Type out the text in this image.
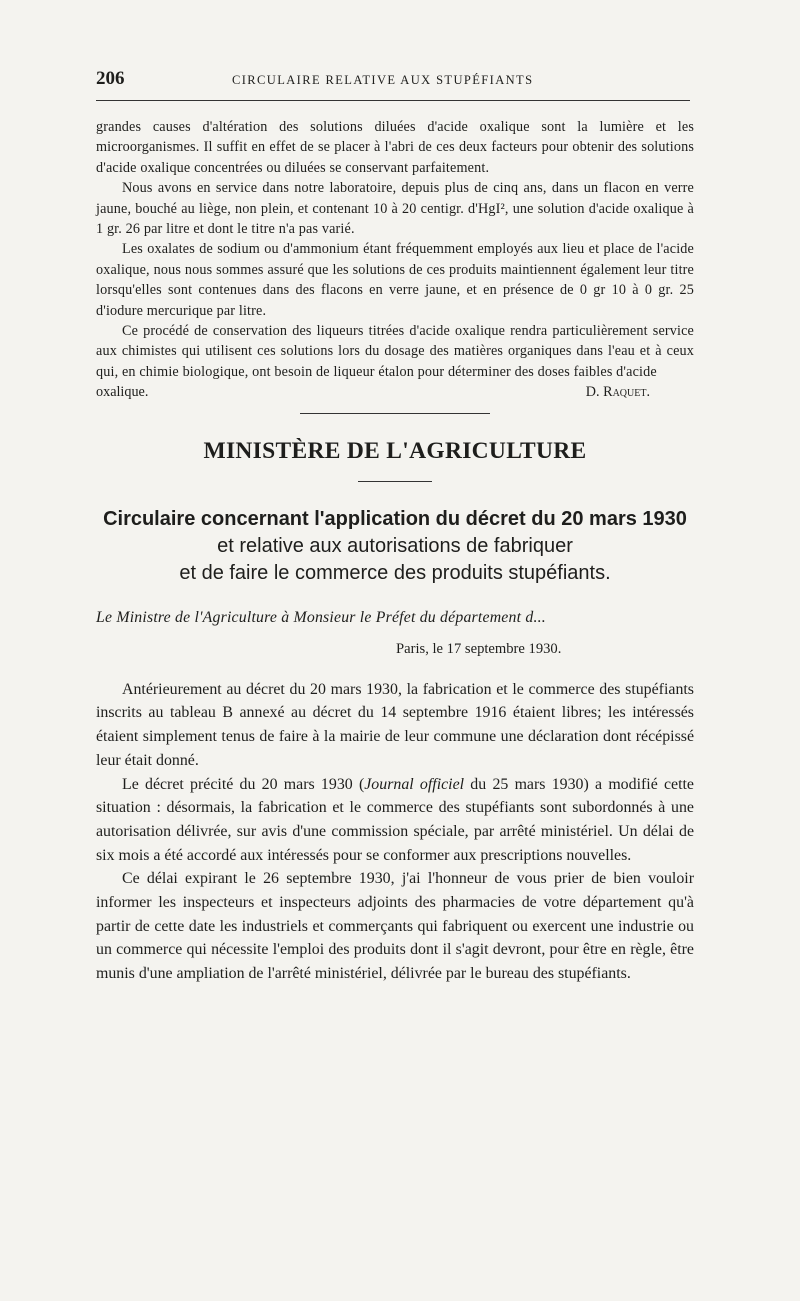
206	CIRCULAIRE RELATIVE AUX STUPÉFIANTS

grandes causes d'altération des solutions diluées d'acide oxalique sont la lumière et les microorganismes. Il suffit en effet de se placer à l'abri de ces deux facteurs pour obtenir des solutions d'acide oxalique concentrées ou diluées se conservant parfaitement.

Nous avons en service dans notre laboratoire, depuis plus de cinq ans, dans un flacon en verre jaune, bouché au liège, non plein, et contenant 10 à 20 centigr. d'HgI², une solution d'acide oxalique à 1 gr. 26 par litre et dont le titre n'a pas varié.

Les oxalates de sodium ou d'ammonium étant fréquemment employés aux lieu et place de l'acide oxalique, nous nous sommes assuré que les solutions de ces produits maintiennent également leur titre lorsqu'elles sont contenues dans des flacons en verre jaune, et en présence de 0 gr 10 à 0 gr. 25 d'iodure mercurique par litre.

Ce procédé de conservation des liqueurs titrées d'acide oxalique rendra particulièrement service aux chimistes qui utilisent ces solutions lors du dosage des matières organiques dans l'eau et à ceux qui, en chimie biologique, ont besoin de liqueur étalon pour déterminer des doses faibles d'acide

oxalique.	D. Raquet.
MINISTÈRE DE L'AGRICULTURE
Circulaire concernant l'application du décret du 20 mars 1930
et relative aux autorisations de fabriquer
et de faire le commerce des produits stupéfiants.
Le Ministre de l'Agriculture à Monsieur le Préfet du département d...
Paris, le 17 septembre 1930.

Antérieurement au décret du 20 mars 1930, la fabrication et le commerce des stupéfiants inscrits au tableau B annexé au décret du 14 septembre 1916 étaient libres; les intéressés étaient simplement tenus de faire à la mairie de leur commune une déclaration dont récépissé leur était donné.

Le décret précité du 20 mars 1930 (Journal officiel du 25 mars 1930) a modifié cette situation : désormais, la fabrication et le commerce des stupéfiants sont subordonnés à une autorisation délivrée, sur avis d'une commission spéciale, par arrêté ministériel. Un délai de six mois a été accordé aux intéressés pour se conformer aux prescriptions nouvelles.

Ce délai expirant le 26 septembre 1930, j'ai l'honneur de vous prier de bien vouloir informer les inspecteurs et inspecteurs adjoints des pharmacies de votre département qu'à partir de cette date les industriels et commerçants qui fabriquent ou exercent une industrie ou un commerce qui nécessite l'emploi des produits dont il s'agit devront, pour être en règle, être munis d'une ampliation de l'arrêté ministériel, délivrée par le bureau des stupéfiants.
